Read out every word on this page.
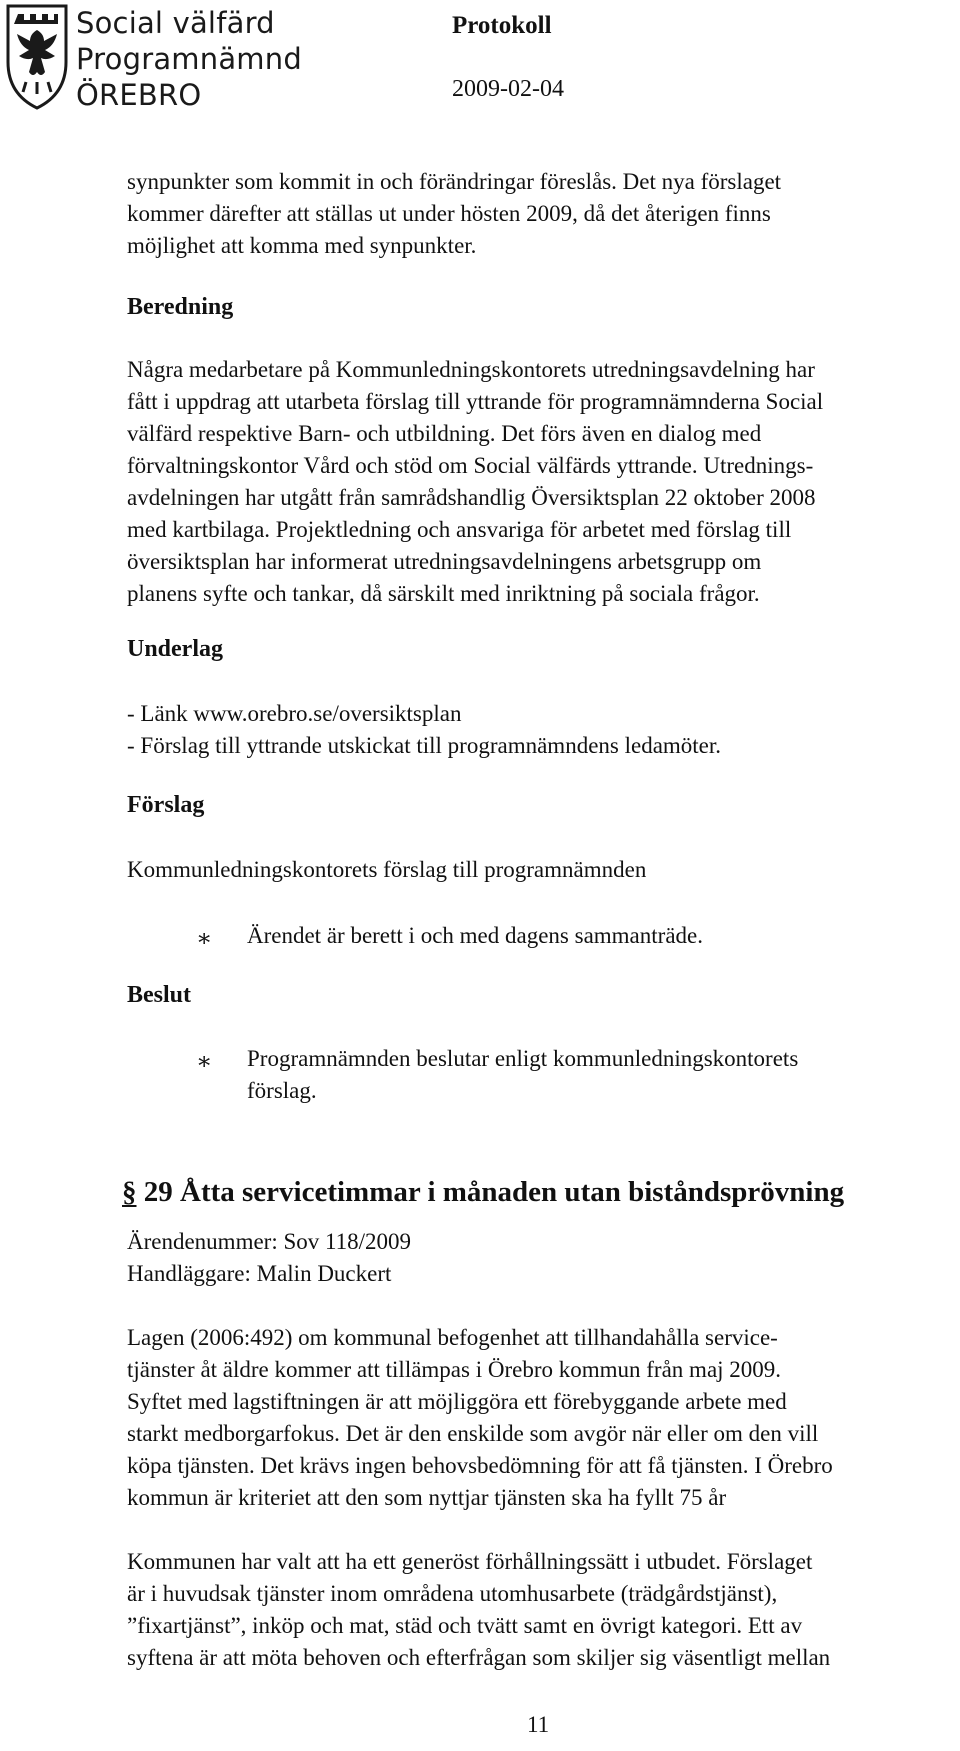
Social välfärd
Programnämnd
ÖREBRO
Protokoll
2009-02-04
synpunkter som kommit in och förändringar föreslås. Det nya förslaget
kommer därefter att ställas ut under hösten 2009, då det återigen finns
möjlighet att komma med synpunkter.
Beredning
Några medarbetare på Kommunledningskontorets utredningsavdelning har
fått i uppdrag att utarbeta förslag till yttrande för programnämnderna Social
välfärd respektive Barn- och utbildning. Det förs även en dialog med
förvaltningskontor Vård och stöd om Social välfärds yttrande. Utrednings-
avdelningen har utgått från samrådshandlig Översiktsplan 22 oktober 2008
med kartbilaga. Projektledning och ansvariga för arbetet med förslag till
översiktsplan har informerat utredningsavdelningens arbetsgrupp om
planens syfte och tankar, då särskilt med inriktning på sociala frågor.
Underlag
- Länk www.orebro.se/oversiktsplan
- Förslag till yttrande utskickat till programnämndens ledamöter.
Förslag
Kommunledningskontorets förslag till programnämnden
Beslut
∗ Ärendet är berett i och med dagens sammanträde.
∗ Programnämnden beslutar enligt kommunledningskontorets
förslag.
§ 29 Åtta servicetimmar i månaden utan biståndsprövning
Ärendenummer: Sov 118/2009
Handläggare: Malin Duckert
Lagen (2006:492) om kommunal befogenhet att tillhandahålla service-
tjänster åt äldre kommer att tillämpas i Örebro kommun från maj 2009.
Syftet med lagstiftningen är att möjliggöra ett förebyggande arbete med
starkt medborgarfokus. Det är den enskilde som avgör när eller om den vill
köpa tjänsten. Det krävs ingen behovsbedömning för att få tjänsten. I Örebro
kommun är kriteriet att den som nyttjar tjänsten ska ha fyllt 75 år
Kommunen har valt att ha ett generöst förhållningssätt i utbudet. Förslaget
är i huvudsak tjänster inom områdena utomhusarbete (trädgårdstjänst),
”fixartjänst”, inköp och mat, städ och tvätt samt en övrigt kategori. Ett av
syftena är att möta behoven och efterfrågan som skiljer sig väsentligt mellan
11
